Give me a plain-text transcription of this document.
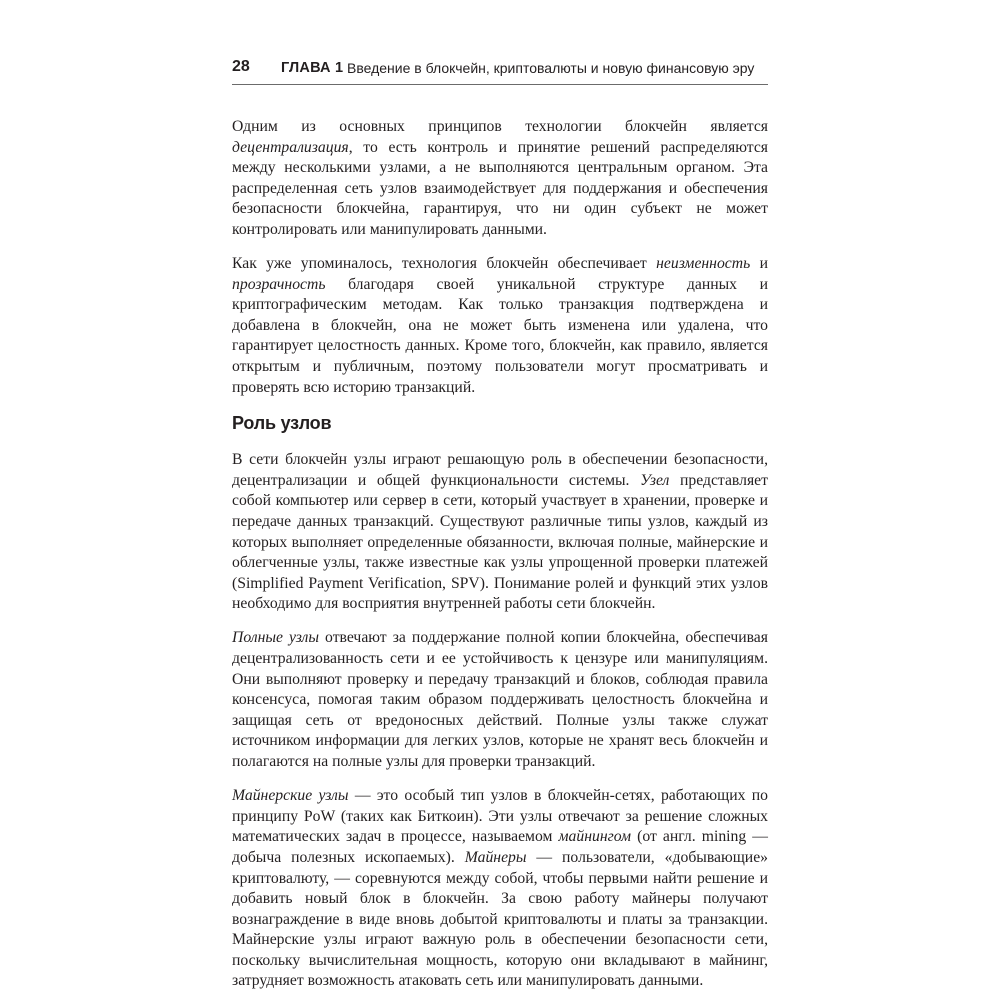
28 ГЛАВА 1 Введение в блокчейн, криптовалюты и новую финансовую эру

Одним из основных принципов технологии блокчейн является децентрализация, то есть контроль и принятие решений распределяются между несколькими узлами, а не выполняются центральным органом. Эта распределенная сеть узлов взаимодействует для поддержания и обеспечения безопасности блокчейна, гарантируя, что ни один субъект не может контролировать или манипулировать данными.

Как уже упоминалось, технология блокчейн обеспечивает неизменность и прозрачность благодаря своей уникальной структуре данных и криптографическим методам. Как только транзакция подтверждена и добавлена в блокчейн, она не может быть изменена или удалена, что гарантирует целостность данных. Кроме того, блокчейн, как правило, является открытым и публичным, поэтому пользователи могут просматривать и проверять всю историю транзакций.

Роль узлов

В сети блокчейн узлы играют решающую роль в обеспечении безопасности, децентрализации и общей функциональности системы. Узел представляет собой компьютер или сервер в сети, который участвует в хранении, проверке и передаче данных транзакций. Существуют различные типы узлов, каждый из которых выполняет определенные обязанности, включая полные, майнерские и облегченные узлы, также известные как узлы упрощенной проверки платежей (Simplified Payment Verification, SPV). Понимание ролей и функций этих узлов необходимо для восприятия внутренней работы сети блокчейн.

Полные узлы отвечают за поддержание полной копии блокчейна, обеспечивая децентрализованность сети и ее устойчивость к цензуре или манипуляциям. Они выполняют проверку и передачу транзакций и блоков, соблюдая правила консенсуса, помогая таким образом поддерживать целостность блокчейна и защищая сеть от вредоносных действий. Полные узлы также служат источником информации для легких узлов, которые не хранят весь блокчейн и полагаются на полные узлы для проверки транзакций.

Майнерские узлы — это особый тип узлов в блокчейн-сетях, работающих по принципу PoW (таких как Биткоин). Эти узлы отвечают за решение сложных математических задач в процессе, называемом майнингом (от англ. mining — добыча полезных ископаемых). Майнеры — пользователи, «добывающие» криптовалюту, — соревнуются между собой, чтобы первыми найти решение и добавить новый блок в блокчейн. За свою работу майнеры получают вознаграждение в виде вновь добытой криптовалюты и платы за транзакции. Майнерские узлы играют важную роль в обеспечении безопасности сети, поскольку вычислительная мощность, которую они вкладывают в майнинг, затрудняет возможность атаковать сеть или манипулировать данными.
